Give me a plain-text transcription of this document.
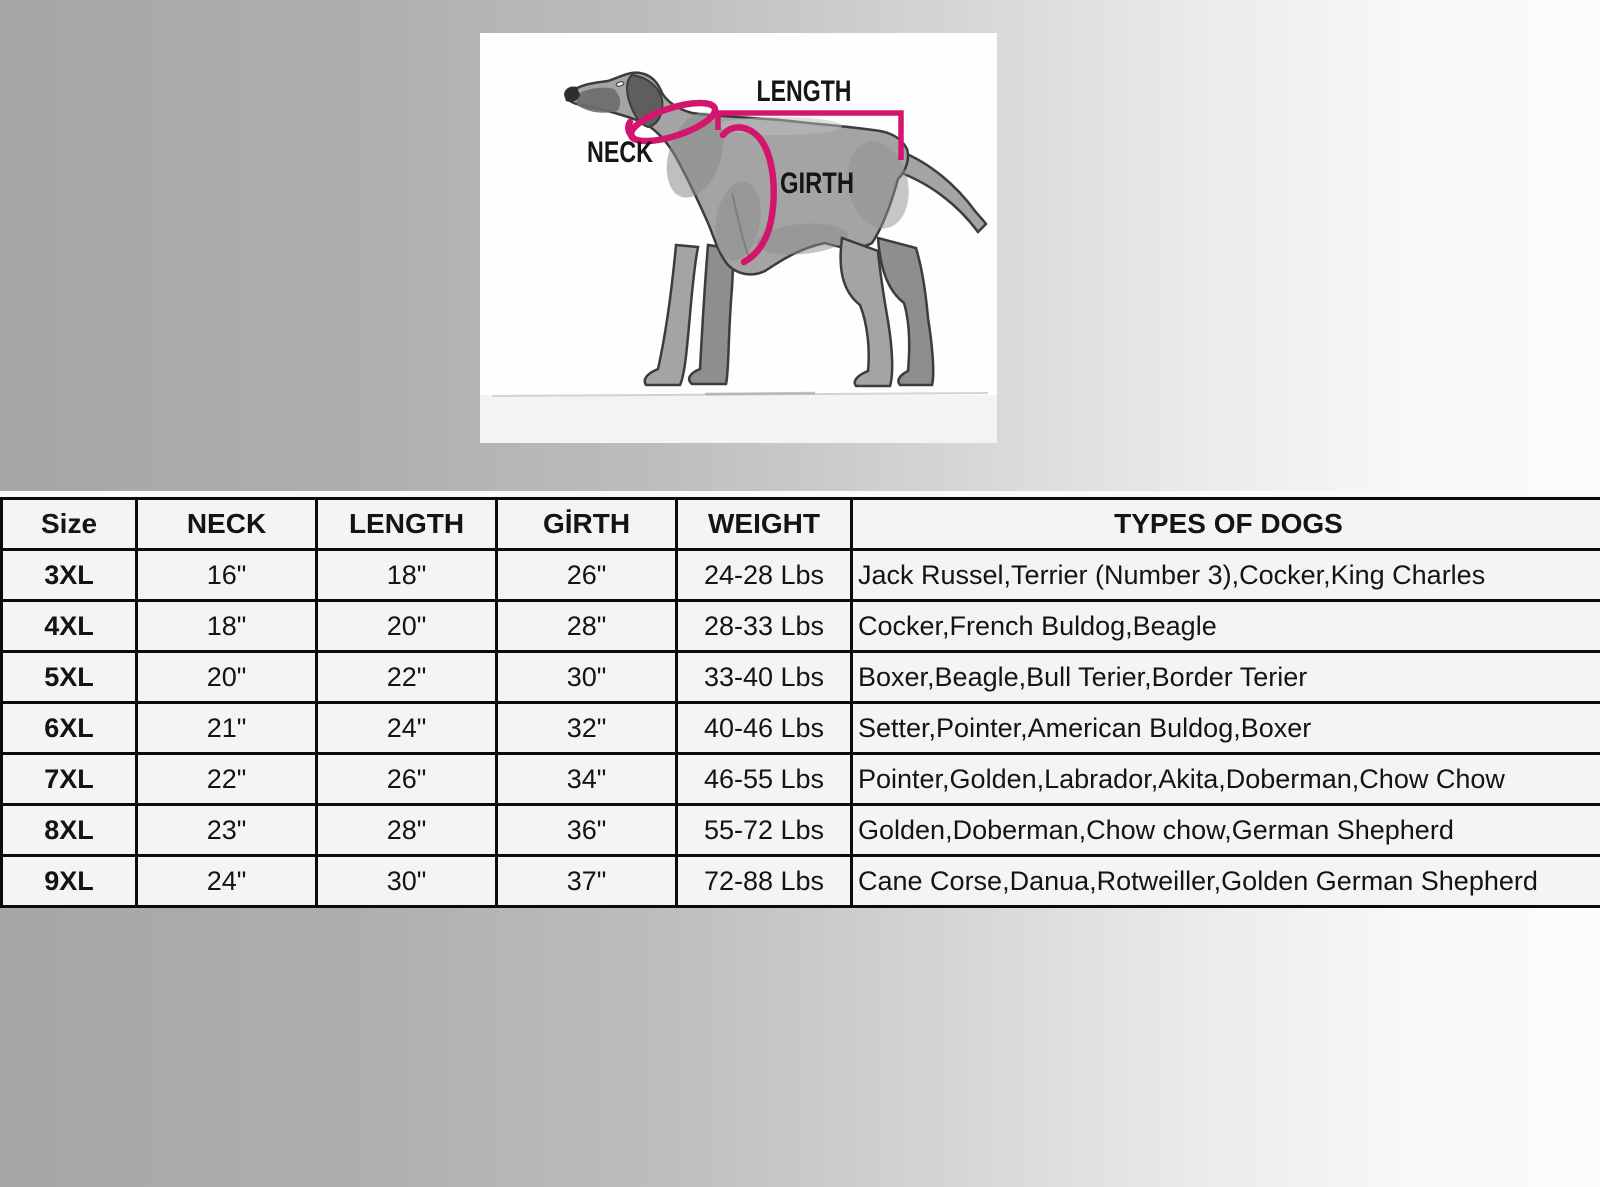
NECK
LENGTH
GIRTH
Size	NECK	LENGTH	GİRTH	WEIGHT	TYPES OF DOGS
3XL	16"	18"	26"	24-28 Lbs	Jack Russel,Terrier (Number 3),Cocker,King Charles
4XL	18"	20"	28"	28-33 Lbs	Cocker,French Buldog,Beagle
5XL	20"	22"	30"	33-40 Lbs	Boxer,Beagle,Bull Terier,Border Terier
6XL	21"	24"	32"	40-46 Lbs	Setter,Pointer,American Buldog,Boxer
7XL	22"	26"	34"	46-55 Lbs	Pointer,Golden,Labrador,Akita,Doberman,Chow Chow
8XL	23"	28"	36"	55-72 Lbs	Golden,Doberman,Chow chow,German Shepherd
9XL	24"	30"	37"	72-88 Lbs	Cane Corse,Danua,Rotweiller,Golden German Shepherd
